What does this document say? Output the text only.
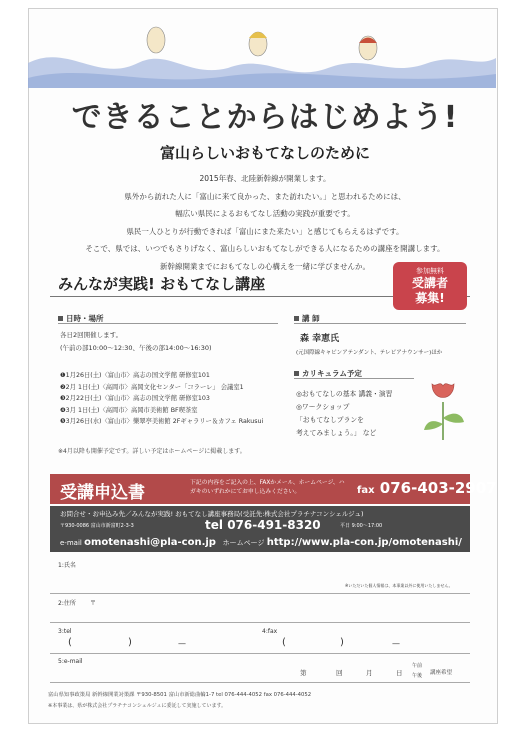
できることからはじめよう!
富山らしいおもてなしのために
2015年春、北陸新幹線が開業します。
県外から訪れた人に「富山に来て良かった、また訪れたい。」と思われるためには、
幅広い県民によるおもてなし活動の実践が重要です。
県民一人ひとりが行動できれば「富山にまた来たい」と感じてもらえるはずです。
そこで、県では、いつでもさりげなく、富山らしいおもてなしができる人になるための講座を開講します。
新幹線開業までにおもてなしの心構えを一緒に学びませんか。
みんなが実践! おもてなし講座
参加無料
受講者
募集!
日時・場所
各日2回開催します。
(午前の部10:00〜12:30、午後の部14:00〜16:30)
❶1月26日(土)〈富山市〉高志の国文学館 研修室101
❷2月 1日(土)〈高岡市〉高岡文化センター「コラーレ」 会議室1
❸2月22日(土)〈富山市〉高志の国文学館 研修室103
❹3月 1日(土)〈高岡市〉高岡市美術館 BF喫茶室
❺3月26日(水)〈富山市〉樂翠亭美術館 2Fギャラリー＆カフェ Rakusui
講 師
森 幸恵氏
(元国際線キャビンアテンダント、テレビアナウンサー)ほか
カリキュラム予定
◎おもてなしの基本 講義・演習
◎ワークショップ
「おもてなしプランを
考えてみましょう。」 など
※4月以降も開催予定です。詳しい予定はホームページに掲載します。
受講申込書	下記の内容をご記入の上、FAXかメール、ホームページ、ハガキのいずれかにてお申し込みください。	fax 076-403-2907
お問合せ・お申込み先／みんなが実践! おもてなし講座事務局(受託先:株式会社プラチナコンシェルジュ)
〒930-0086 富山市新富町2-3-3	tel 076-491-8320	平日 9:00〜17:00
e-mail omotenashi@pla-con.jp ホームページ http://www.pla-con.jp/omotenashi/
1:氏名
※いただいた個人情報は、本事業以外に使用いたしません。
2:住所 〒
3:tel
(	)	—
4:fax
(	)	—
5:e-mail
第	回	月	日
午前
午後 講座希望
富山県知事政策局 新幹線開業対策課 〒930-8501 富山市新総曲輪1-7 tel 076-444-4052 fax 076-444-4052
※本事業は、県が株式会社プラチナコンシェルジュに委託して実施しています。
